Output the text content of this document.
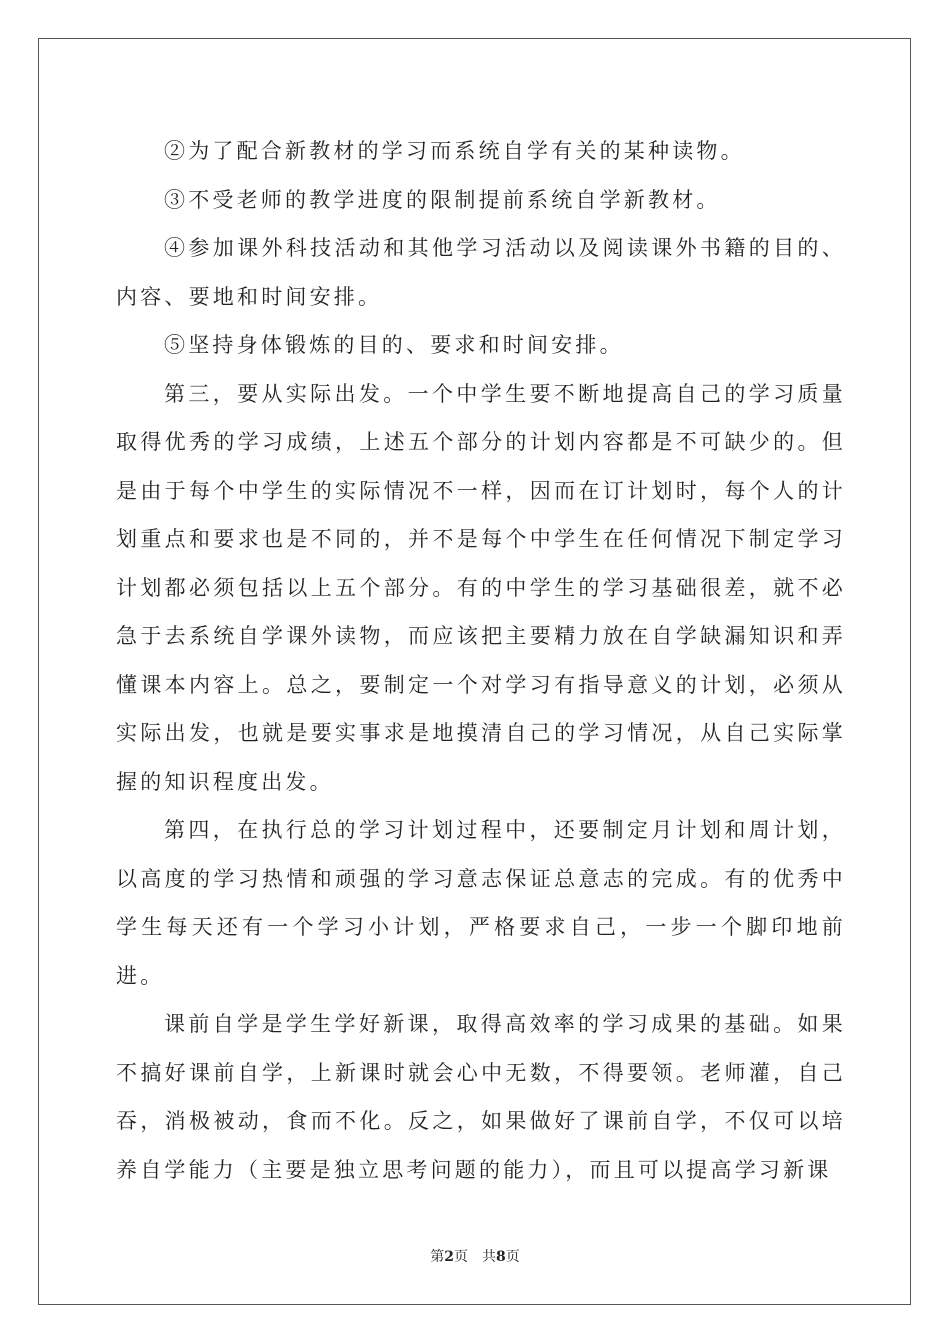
②为了配合新教材的学习而系统自学有关的某种读物。

③不受老师的教学进度的限制提前系统自学新教材。

④参加课外科技活动和其他学习活动以及阅读课外书籍的目的、内容、要地和时间安排。

⑤坚持身体锻炼的目的、要求和时间安排。

第三，要从实际出发。一个中学生要不断地提高自己的学习质量取得优秀的学习成绩，上述五个部分的计划内容都是不可缺少的。但是由于每个中学生的实际情况不一样，因而在订计划时，每个人的计划重点和要求也是不同的，并不是每个中学生在任何情况下制定学习计划都必须包括以上五个部分。有的中学生的学习基础很差，就不必急于去系统自学课外读物，而应该把主要精力放在自学缺漏知识和弄懂课本内容上。总之，要制定一个对学习有指导意义的计划，必须从实际出发，也就是要实事求是地摸清自己的学习情况，从自己实际掌握的知识程度出发。

第四，在执行总的学习计划过程中，还要制定月计划和周计划，以高度的学习热情和顽强的学习意志保证总意志的完成。有的优秀中学生每天还有一个学习小计划，严格要求自己，一步一个脚印地前进。

课前自学是学生学好新课，取得高效率的学习成果的基础。如果不搞好课前自学，上新课时就会心中无数，不得要领。老师灌，自己吞，消极被动，食而不化。反之，如果做好了课前自学，不仅可以培养自学能力（主要是独立思考问题的能力），而且可以提高学习新课

第2页 共8页
